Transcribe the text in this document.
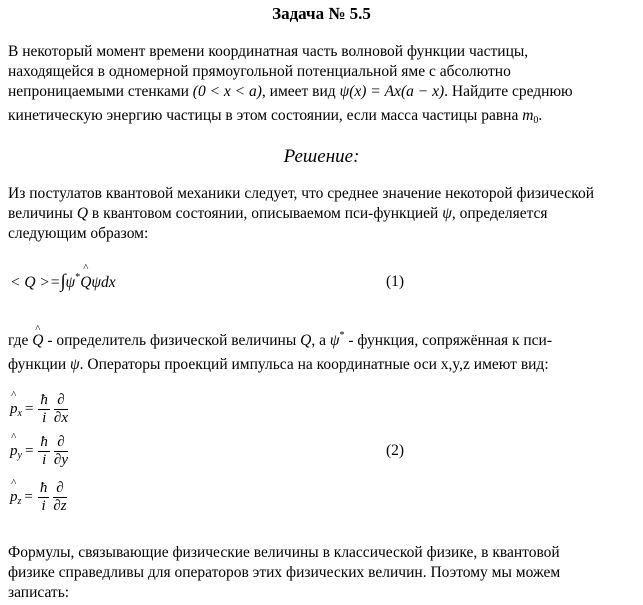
Задача № 5.5
В некоторый момент времени координатная часть волновой функции частицы,
находящейся в одномерной прямоугольной потенциальной яме с абсолютно
непроницаемыми стенками (0 < x < a), имеет вид ψ(x) = Ax(a − x). Найдите среднюю
кинетическую энергию частицы в этом состоянии, если масса частицы равна $m_0$.
Решение:
Из постулатов квантовой механики следует, что среднее значение некоторой физической
величины Q в квантовом состоянии, описываемом пси-функцией ψ, определяется
следующим образом:
< Q >=∫ψ*^ Qψdx	(1)
где ^ Q - определитель физической величины Q, а ψ* - функция, сопряжённая к пси-
функции ψ. Операторы проекций импульса на координатные оси x,y,z имеют вид:
^ $p_x = \frac{ħ}{i} \frac{\partial}{\partial x}$
^ $p_y = \frac{ħ}{i} \frac{\partial}{\partial y}$
^ $p_z = \frac{ħ}{i} \frac{\partial}{\partial z}$
(2)
Формулы, связывающие физические величины в классической физике, в квантовой
физике справедливы для операторов этих физических величин. Поэтому мы можем
записать:
